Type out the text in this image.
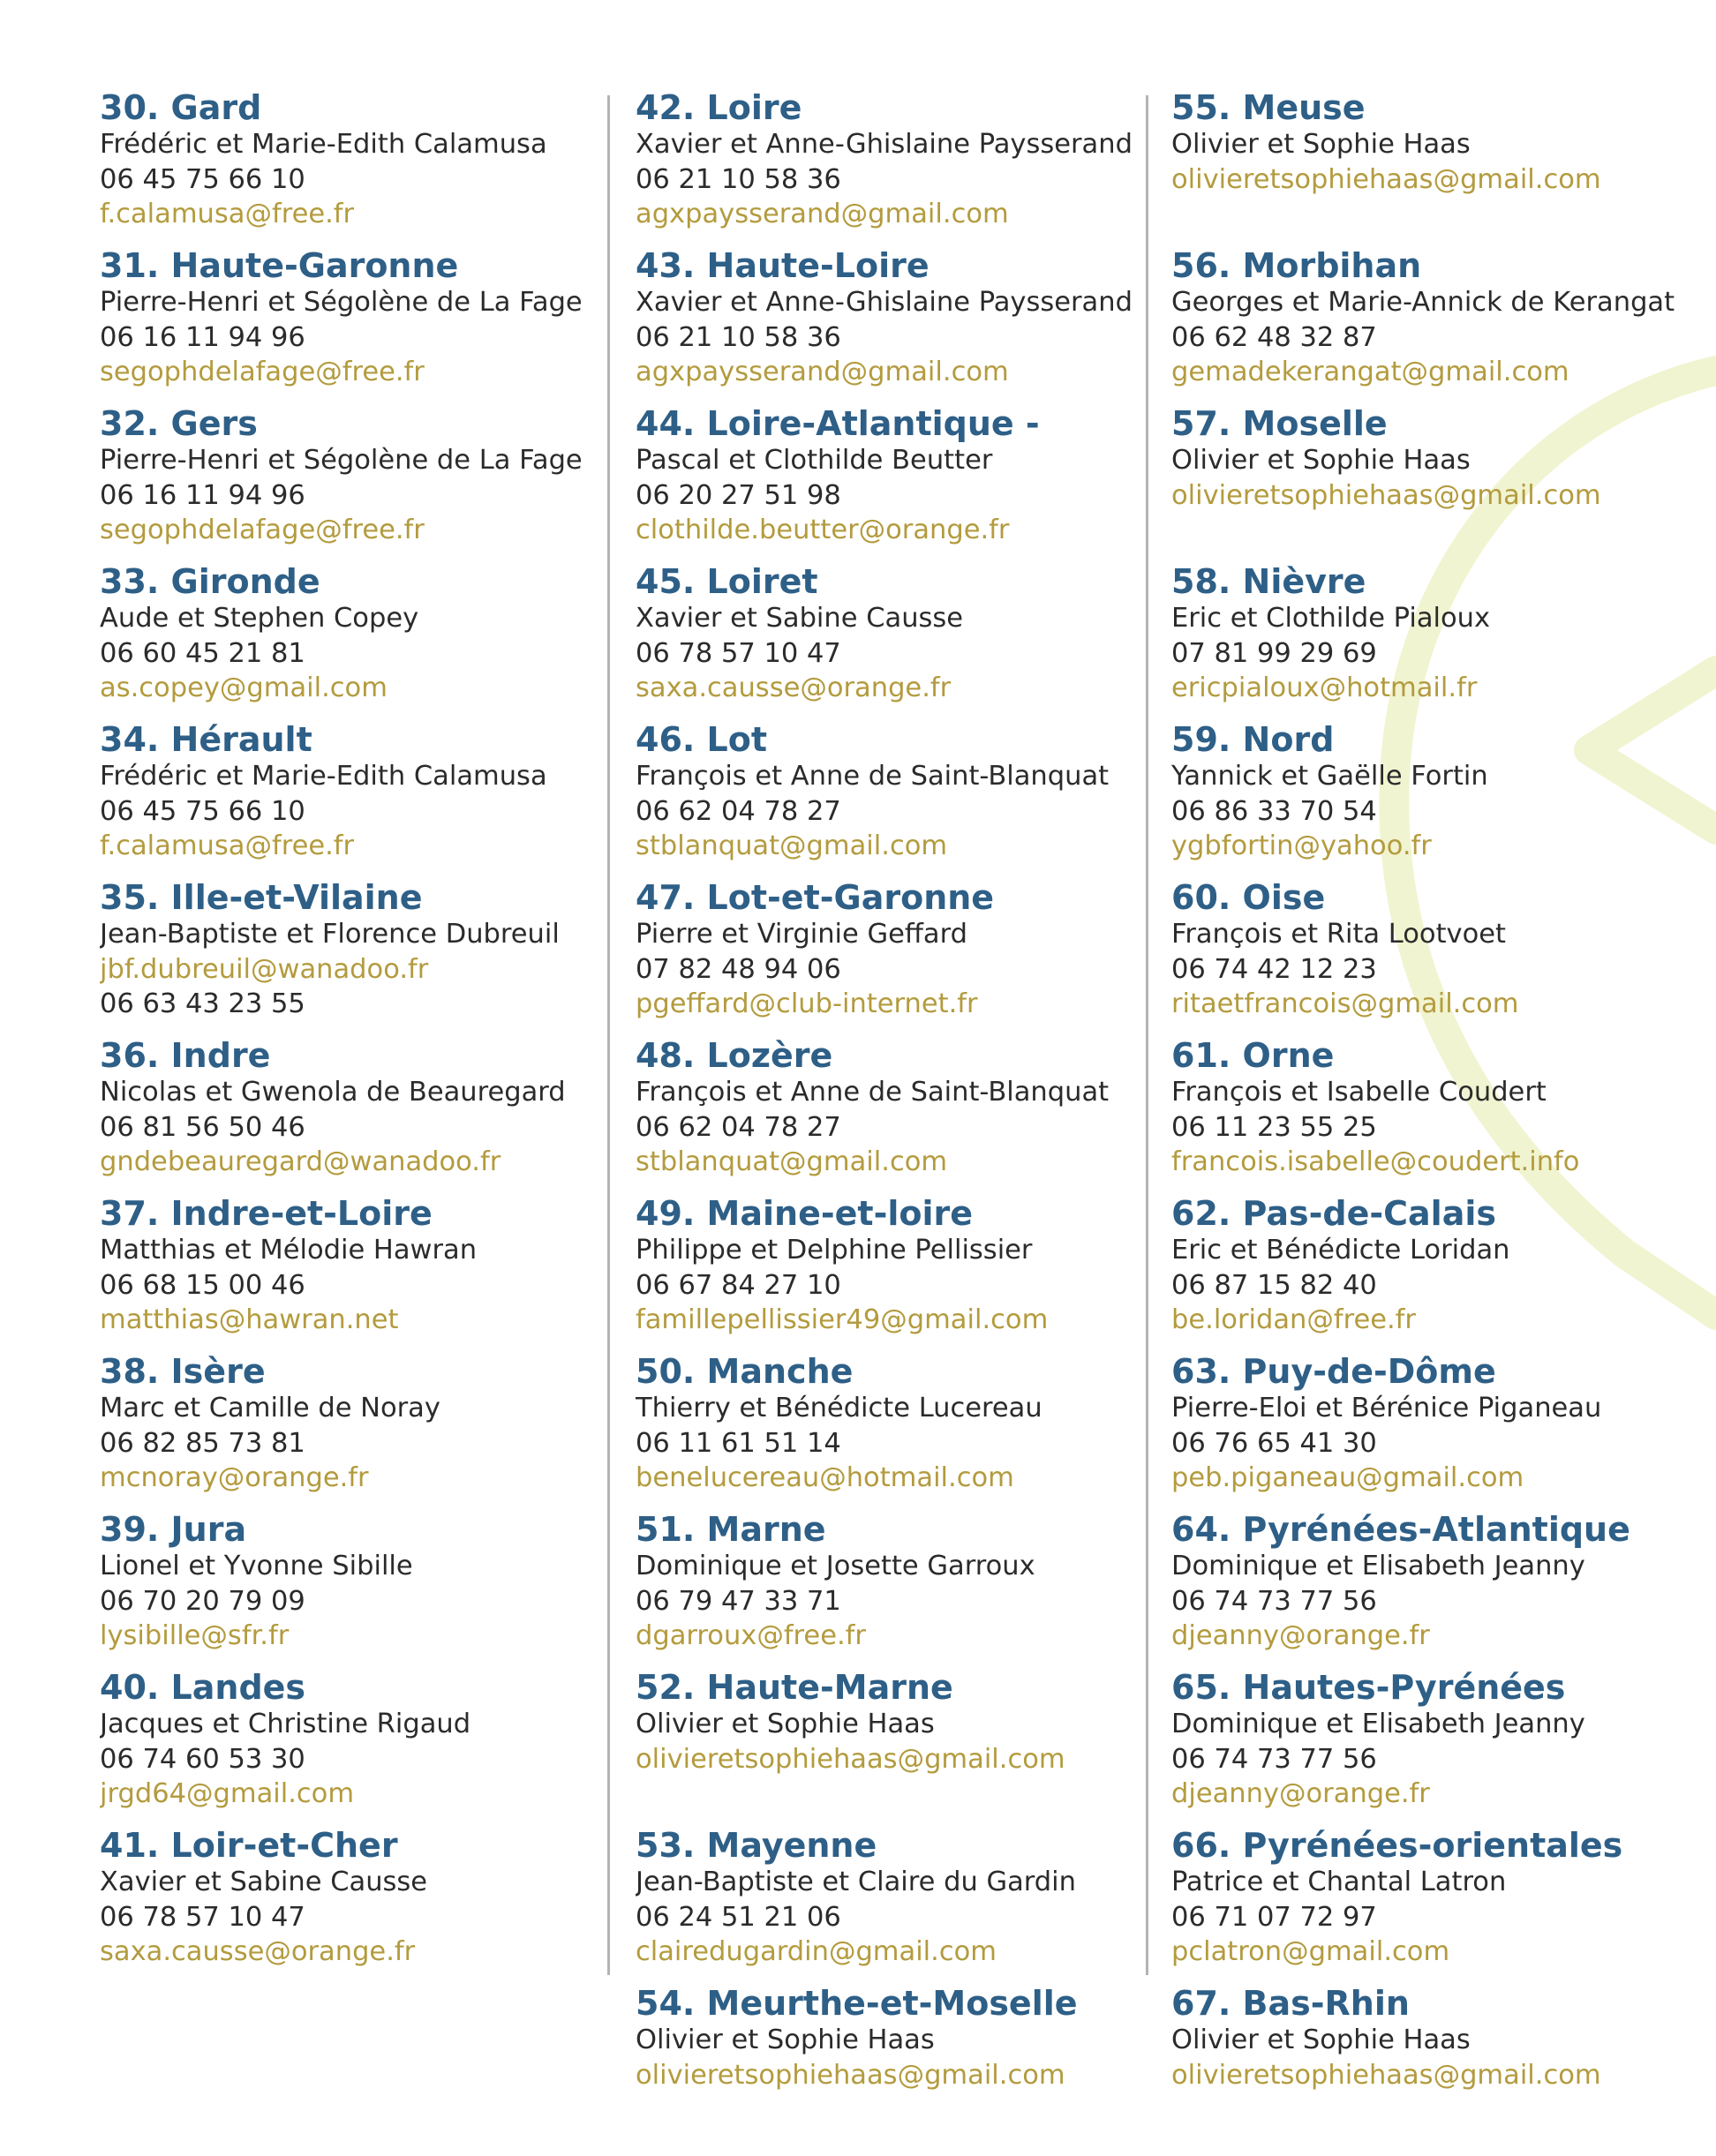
30. Gard
Frédéric et Marie-Edith Calamusa
06 45 75 66 10
f.calamusa@free.fr
31. Haute-Garonne
Pierre-Henri et Ségolène de La Fage
06 16 11 94 96
segophdelafage@free.fr
32. Gers
Pierre-Henri et Ségolène de La Fage
06 16 11 94 96
segophdelafage@free.fr
33. Gironde
Aude et Stephen Copey
06 60 45 21 81
as.copey@gmail.com
34. Hérault
Frédéric et Marie-Edith Calamusa
06 45 75 66 10
f.calamusa@free.fr
35. Ille-et-Vilaine
Jean-Baptiste et Florence Dubreuil
jbf.dubreuil@wanadoo.fr
06 63 43 23 55
36. Indre
Nicolas et Gwenola de Beauregard
06 81 56 50 46
gndebeauregard@wanadoo.fr
37. Indre-et-Loire
Matthias et Mélodie Hawran
06 68 15 00 46
matthias@hawran.net
38. Isère
Marc et Camille de Noray
06 82 85 73 81
mcnoray@orange.fr
39. Jura
Lionel et Yvonne Sibille
06 70 20 79 09
lysibille@sfr.fr
40. Landes
Jacques et Christine Rigaud
06 74 60 53 30
jrgd64@gmail.com
41. Loir-et-Cher
Xavier et Sabine Causse
06 78 57 10 47
saxa.causse@orange.fr
42. Loire
Xavier et Anne-Ghislaine Paysserand
06 21 10 58 36
agxpaysserand@gmail.com
43. Haute-Loire
Xavier et Anne-Ghislaine Paysserand
06 21 10 58 36
agxpaysserand@gmail.com
44. Loire-Atlantique -
Pascal et Clothilde Beutter
06 20 27 51 98
clothilde.beutter@orange.fr
45. Loiret
Xavier et Sabine Causse
06 78 57 10 47
saxa.causse@orange.fr
46. Lot
François et Anne de Saint-Blanquat
06 62 04 78 27
stblanquat@gmail.com
47. Lot-et-Garonne
Pierre et Virginie Geffard
07 82 48 94 06
pgeffard@club-internet.fr
48. Lozère
François et Anne de Saint-Blanquat
06 62 04 78 27
stblanquat@gmail.com
49. Maine-et-loire
Philippe et Delphine Pellissier
06 67 84 27 10
famillepellissier49@gmail.com
50. Manche
Thierry et Bénédicte Lucereau
06 11 61 51 14
benelucereau@hotmail.com
51. Marne
Dominique et Josette Garroux
06 79 47 33 71
dgarroux@free.fr
52. Haute-Marne
Olivier et Sophie Haas
olivieretsophiehaas@gmail.com
53. Mayenne
Jean-Baptiste et Claire du Gardin
06 24 51 21 06
clairedugardin@gmail.com
54. Meurthe-et-Moselle
Olivier et Sophie Haas
olivieretsophiehaas@gmail.com
55. Meuse
Olivier et Sophie Haas
olivieretsophiehaas@gmail.com
56. Morbihan
Georges et Marie-Annick de Kerangat
06 62 48 32 87
gemadekerangat@gmail.com
57. Moselle
Olivier et Sophie Haas
olivieretsophiehaas@gmail.com
58. Nièvre
Eric et Clothilde Pialoux
07 81 99 29 69
ericpialoux@hotmail.fr
59. Nord
Yannick et Gaëlle Fortin
06 86 33 70 54
ygbfortin@yahoo.fr
60. Oise
François et Rita Lootvoet
06 74 42 12 23
ritaetfrancois@gmail.com
61. Orne
François et Isabelle Coudert
06 11 23 55 25
francois.isabelle@coudert.info
62. Pas-de-Calais
Eric et Bénédicte Loridan
06 87 15 82 40
be.loridan@free.fr
63. Puy-de-Dôme
Pierre-Eloi et Bérénice Piganeau
06 76 65 41 30
peb.piganeau@gmail.com
64. Pyrénées-Atlantique
Dominique et Elisabeth Jeanny
06 74 73 77 56
djeanny@orange.fr
65. Hautes-Pyrénées
Dominique et Elisabeth Jeanny
06 74 73 77 56
djeanny@orange.fr
66. Pyrénées-orientales
Patrice et Chantal Latron
06 71 07 72 97
pclatron@gmail.com
67. Bas-Rhin
Olivier et Sophie Haas
olivieretsophiehaas@gmail.com
